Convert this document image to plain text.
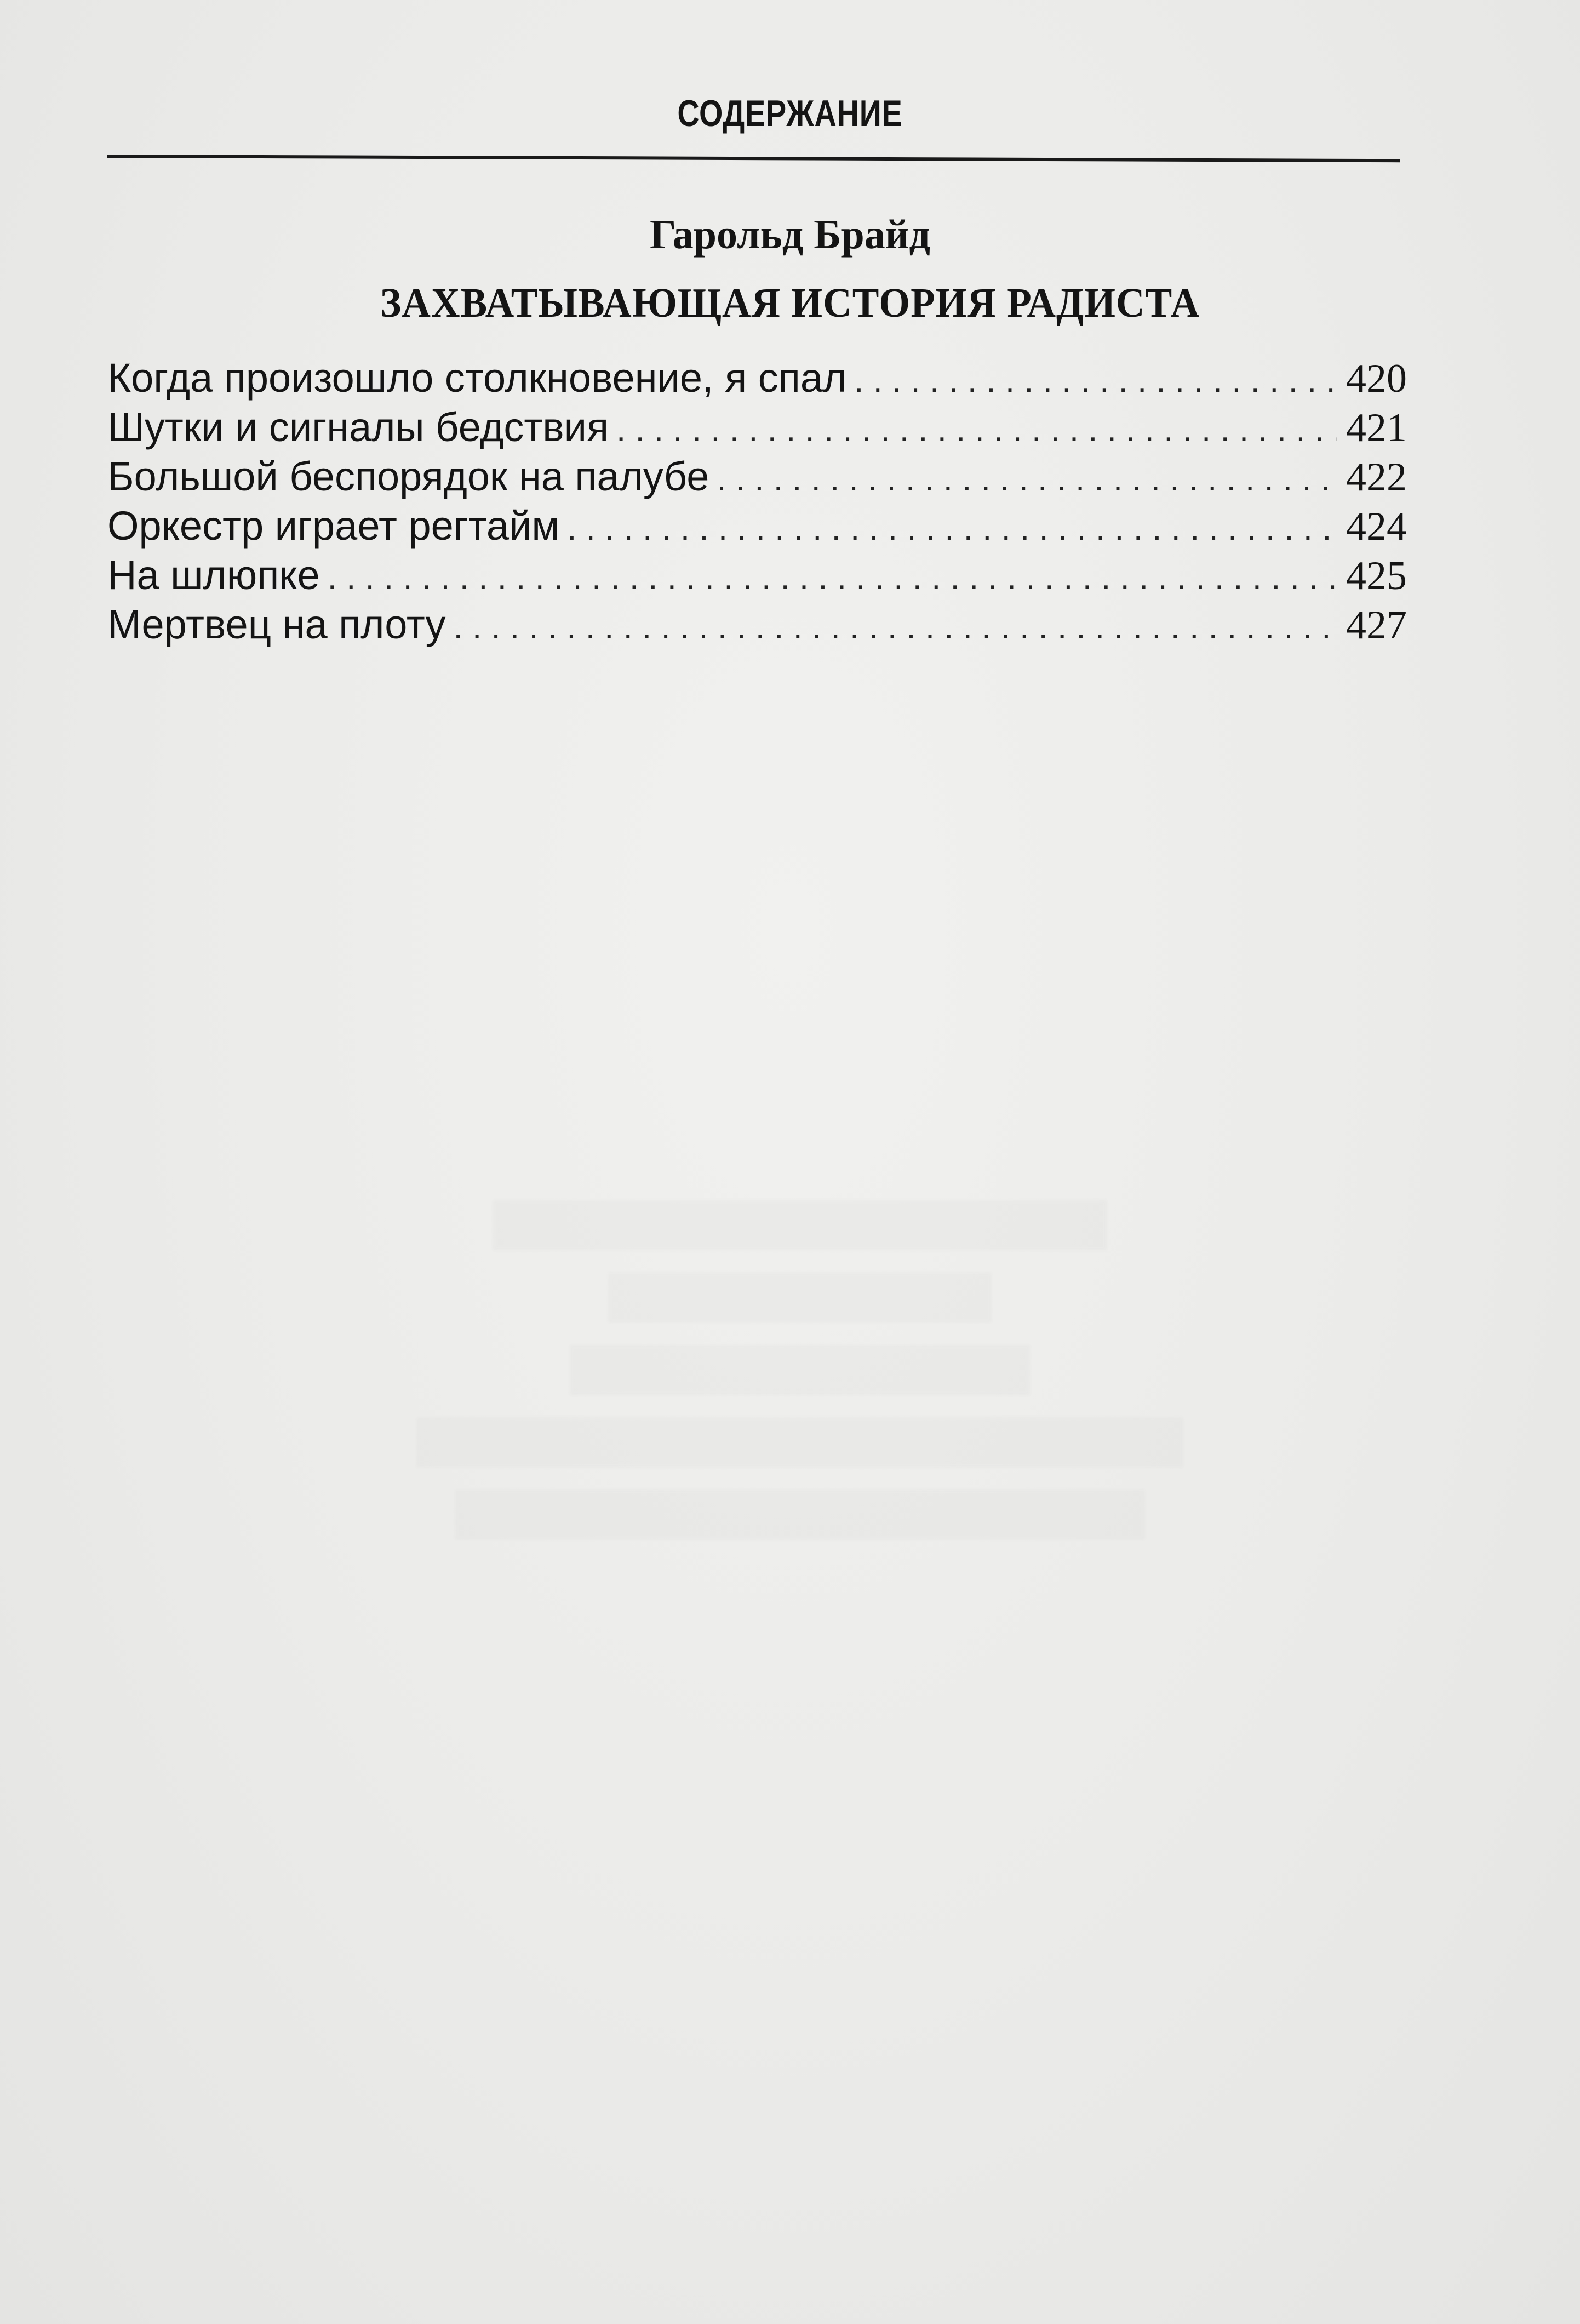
СОДЕРЖАНИЕ
Гарольд Брайд
ЗАХВАТЫВАЮЩАЯ ИСТОРИЯ РАДИСТА
Когда произошло столкновение, я спал . . .	420
Шутки и сигналы бедствия . . .	421
Большой беспорядок на палубе . . .	422
Оркестр играет регтайм . . .	424
На шлюпке . . .	425
Мертвец на плоту . . .	427
